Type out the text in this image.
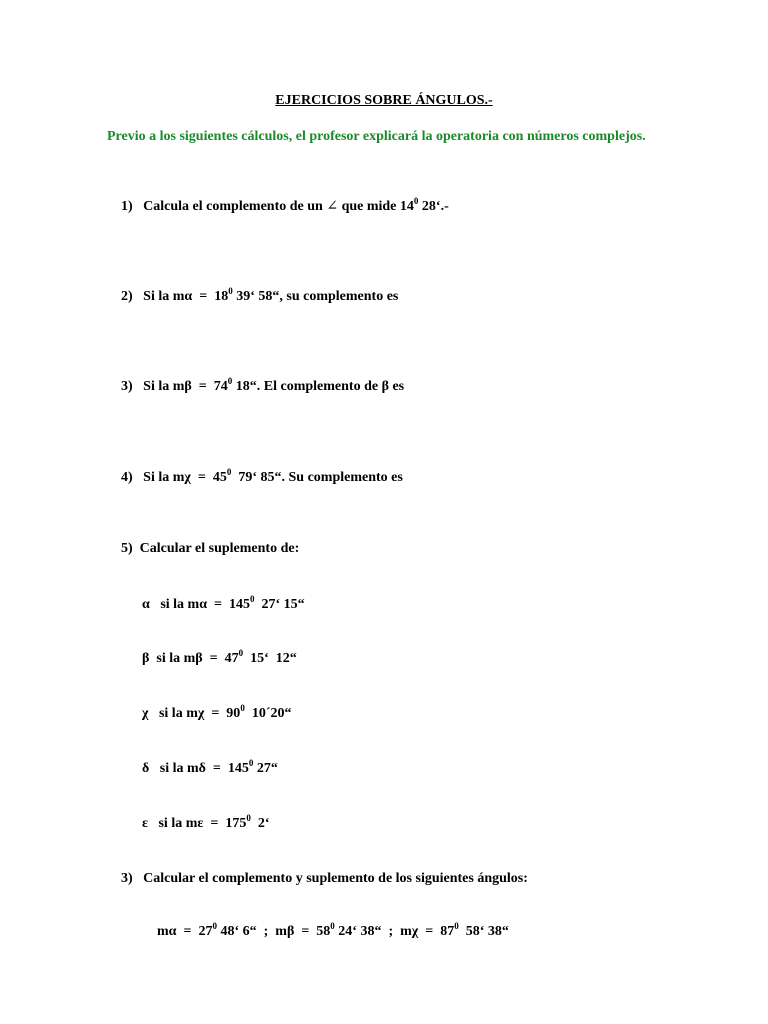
EJERCICIOS SOBRE ÁNGULOS.-
Previo a los siguientes cálculos, el profesor explicará la operatoria con números complejos.

1) Calcula el complemento de un ∠ que mide $14^0$ 28‘.-

2) Si la $m\alpha = 18^0$ 39‘ 58“, su complemento es

3) Si la $m\beta = 74^0$ 18“. El complemento de β es

4) Si la $m\chi = 45^0$  79‘ 85“. Su complemento es

5) Calcular el suplemento de:

α   si la $m\alpha = 145^0$  27‘ 15“

β  si la $m\beta = 47^0$  15‘  12“

χ   si la $m\chi = 90^0$  10´20“

δ   si la $m\delta = 145^0$ 27“

ε   si la $m\varepsilon = 175^0$  2‘

3) Calcular el complemento y suplemento de los siguientes ángulos:

$m\alpha = 27^0$ 48‘ 6“  ;  $m\beta = 58^0$ 24‘ 38“  ;  $m\chi = 87^0$  58‘ 38“
